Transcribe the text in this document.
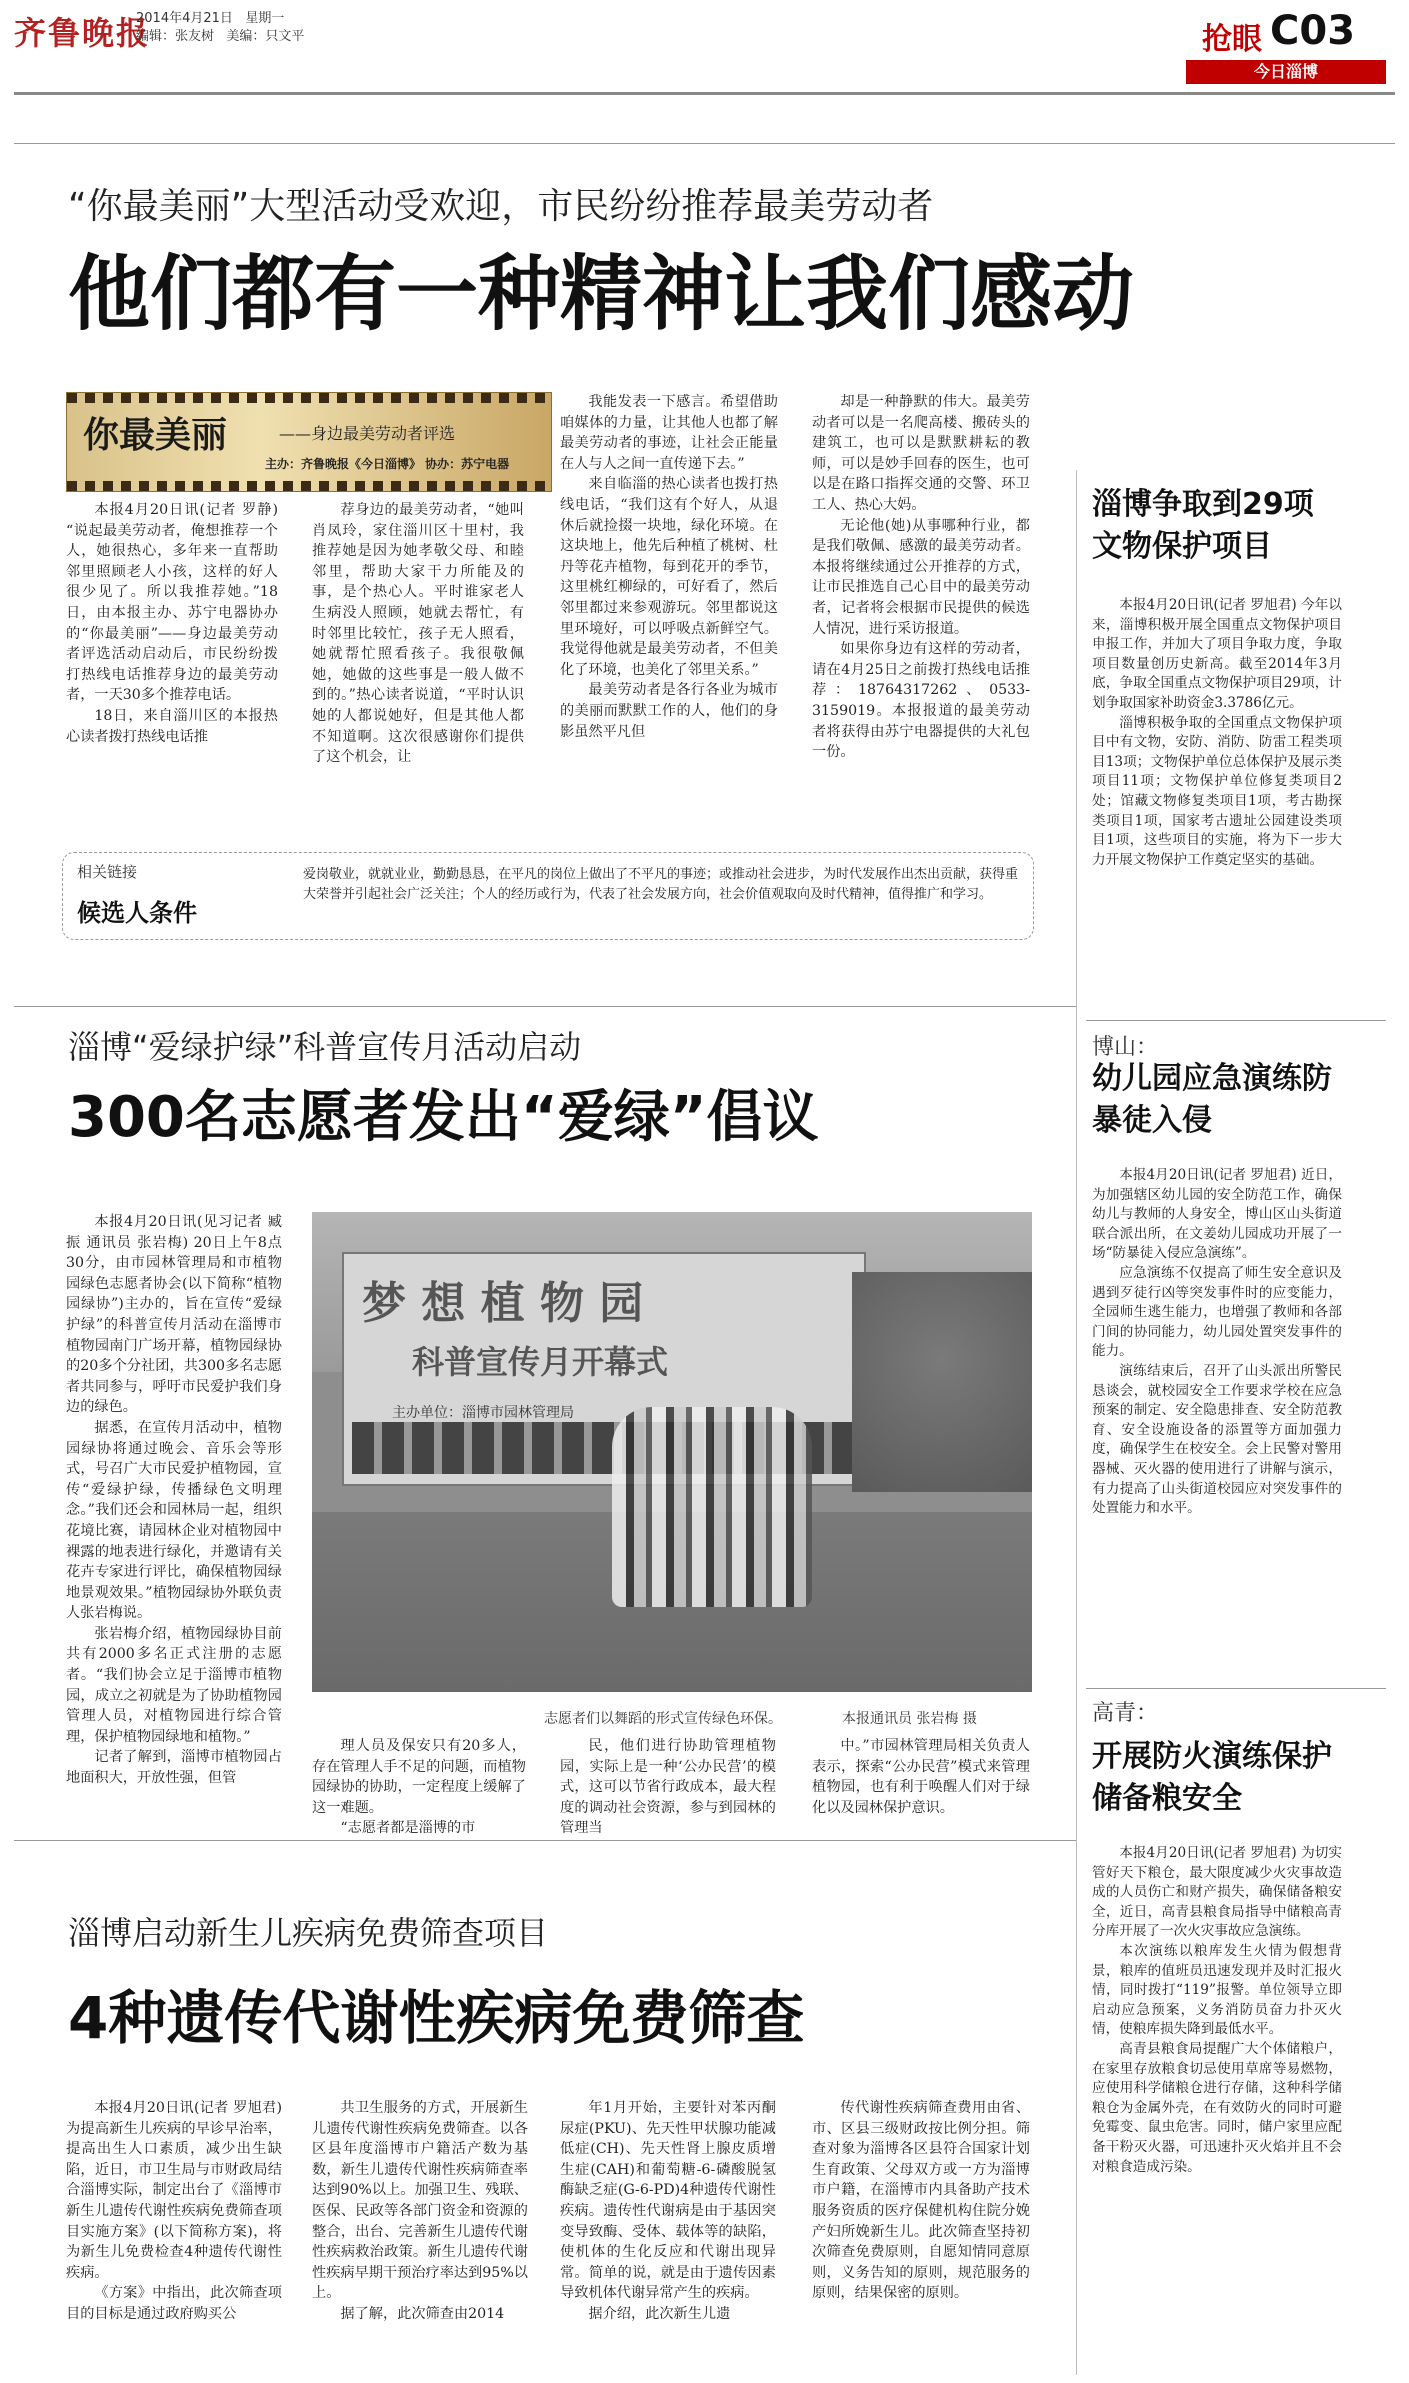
齐鲁晚报
2014年4月21日 星期一
编辑：张友树 美编：只文平	抢眼 C03
今日淄博
“你最美丽”大型活动受欢迎，市民纷纷推荐最美劳动者
他们都有一种精神让我们感动
你最美丽	——身边最美劳动者评选
主办：齐鲁晚报《今日淄博》 协办：苏宁电器

本报4月20日讯(记者 罗静) “说起最美劳动者，俺想推荐一个人，她很热心，多年来一直帮助邻里照顾老人小孩，这样的好人很少见了。所以我推荐她。”18日，由本报主办、苏宁电器协办的“你最美丽”——身边最美劳动者评选活动启动后，市民纷纷拨打热线电话推荐身边的最美劳动者，一天30多个推荐电话。

18日，来自淄川区的本报热心读者拨打热线电话推

荐身边的最美劳动者，“她叫肖凤玲，家住淄川区十里村，我推荐她是因为她孝敬父母、和睦邻里，帮助大家干力所能及的事，是个热心人。平时谁家老人生病没人照顾，她就去帮忙，有时邻里比较忙，孩子无人照看，她就帮忙照看孩子。我很敬佩她，她做的这些事是一般人做不到的。”热心读者说道，“平时认识她的人都说她好，但是其他人都不知道啊。这次很感谢你们提供了这个机会，让

我能发表一下感言。希望借助咱媒体的力量，让其他人也都了解最美劳动者的事迹，让社会正能量在人与人之间一直传递下去。”

来自临淄的热心读者也拨打热线电话，“我们这有个好人，从退休后就捡掇一块地，绿化环境。在这块地上，他先后种植了桃树、杜丹等花卉植物，每到花开的季节，这里桃红柳绿的，可好看了，然后邻里都过来参观游玩。邻里都说这里环境好，可以呼吸点新鲜空气。我觉得他就是最美劳动者，不但美化了环境，也美化了邻里关系。”

最美劳动者是各行各业为城市的美丽而默默工作的人，他们的身影虽然平凡但

却是一种静默的伟大。最美劳动者可以是一名爬高楼、搬砖头的建筑工，也可以是默默耕耘的教师，可以是妙手回春的医生，也可以是在路口指挥交通的交警、环卫工人、热心大妈。

无论他(她)从事哪种行业，都是我们敬佩、感激的最美劳动者。本报将继续通过公开推荐的方式，让市民推选自己心目中的最美劳动者，记者将会根据市民提供的候选人情况，进行采访报道。

如果你身边有这样的劳动者，请在4月25日之前拨打热线电话推荐：18764317262、0533-3159019。本报报道的最美劳动者将获得由苏宁电器提供的大礼包一份。

相关链接
候选人条件
爱岗敬业，就就业业，勤勤恳恳，在平凡的岗位上做出了不平凡的事迹；或推动社会进步，为时代发展作出杰出贡献，获得重大荣誉并引起社会广泛关注；个人的经历或行为，代表了社会发展方向，社会价值观取向及时代精神，值得推广和学习。
淄博“爱绿护绿”科普宣传月活动启动
300名志愿者发出“爱绿”倡议

本报4月20日讯(见习记者 臧振 通讯员 张岩梅) 20日上午8点30分，由市园林管理局和市植物园绿色志愿者协会(以下简称“植物园绿协”)主办的，旨在宣传“爱绿护绿”的科普宣传月活动在淄博市植物园南门广场开幕，植物园绿协的20多个分社团，共300多名志愿者共同参与，呼吁市民爱护我们身边的绿色。

据悉，在宣传月活动中，植物园绿协将通过晚会、音乐会等形式，号召广大市民爱护植物园，宣传“爱绿护绿，传播绿色文明理念。”我们还会和园林局一起，组织花境比赛，请园林企业对植物园中裸露的地表进行绿化，并邀请有关花卉专家进行评比，确保植物园绿地景观效果。”植物园绿协外联负责人张岩梅说。

张岩梅介绍，植物园绿协目前共有2000多名正式注册的志愿者。“我们协会立足于淄博市植物园，成立之初就是为了协助植物园管理人员，对植物园进行综合管理，保护植物园绿地和植物。”

记者了解到，淄博市植物园占地面积大，开放性强，但管

梦 想 植 物 园
科普宣传月开幕式
主办单位：淄博市园林管理局
志愿者们以舞蹈的形式宣传绿色环保。	本报通讯员 张岩梅 摄

理人员及保安只有20多人，存在管理人手不足的问题，而植物园绿协的协助，一定程度上缓解了这一难题。

“志愿者都是淄博的市

民，他们进行协助管理植物园，实际上是一种‘公办民营’的模式，这可以节省行政成本，最大程度的调动社会资源，参与到园林的管理当

中。”市园林管理局相关负责人表示，探索“公办民营”模式来管理植物园，也有利于唤醒人们对于绿化以及园林保护意识。

淄博启动新生儿疾病免费筛查项目
4种遗传代谢性疾病免费筛查

本报4月20日讯(记者 罗旭君) 为提高新生儿疾病的早诊早治率，提高出生人口素质，减少出生缺陷，近日，市卫生局与市财政局结合淄博实际，制定出台了《淄博市新生儿遗传代谢性疾病免费筛查项目实施方案》(以下简称方案)，将为新生儿免费检查4种遗传代谢性疾病。

《方案》中指出，此次筛查项目的目标是通过政府购买公

共卫生服务的方式，开展新生儿遗传代谢性疾病免费筛查。以各区县年度淄博市户籍活产数为基数，新生儿遗传代谢性疾病筛查率达到90%以上。加强卫生、残联、医保、民政等各部门资金和资源的整合，出台、完善新生儿遗传代谢性疾病救治政策。新生儿遗传代谢性疾病早期干预治疗率达到95%以上。

据了解，此次筛查由2014

年1月开始，主要针对苯丙酮尿症(PKU)、先天性甲状腺功能减低症(CH)、先天性肾上腺皮质增生症(CAH)和葡萄糖-6-磷酸脱氢酶缺乏症(G-6-PD)4种遗传代谢性疾病。遗传性代谢病是由于基因突变导致酶、受体、载体等的缺陷，使机体的生化反应和代谢出现异常。简单的说，就是由于遗传因素导致机体代谢异常产生的疾病。

据介绍，此次新生儿遗

传代谢性疾病筛查费用由省、市、区县三级财政按比例分担。筛查对象为淄博各区县符合国家计划生育政策、父母双方或一方为淄博市户籍，在淄博市内具备助产技术服务资质的医疗保健机构住院分娩产妇所娩新生儿。此次筛查坚持初次筛查免费原则，自愿知情同意原则，义务告知的原则，规范服务的原则，结果保密的原则。

淄博争取到29项文物保护项目

本报4月20日讯(记者 罗旭君) 今年以来，淄博积极开展全国重点文物保护项目申报工作，并加大了项目争取力度，争取项目数量创历史新高。截至2014年3月底，争取全国重点文物保护项目29项，计划争取国家补助资金3.3786亿元。

淄博积极争取的全国重点文物保护项目中有文物，安防、消防、防雷工程类项目13项；文物保护单位总体保护及展示类项目11项；文物保护单位修复类项目2处；馆藏文物修复类项目1项，考古勘探类项目1项，国家考古遗址公园建设类项目1项，这些项目的实施，将为下一步大力开展文物保护工作奠定坚实的基础。

博山：
幼儿园应急演练防暴徒入侵

本报4月20日讯(记者 罗旭君) 近日，为加强辖区幼儿园的安全防范工作，确保幼儿与教师的人身安全，博山区山头街道联合派出所，在文姜幼儿园成功开展了一场“防暴徒入侵应急演练”。

应急演练不仅提高了师生安全意识及遇到歹徒行凶等突发事件时的应变能力，全园师生逃生能力，也增强了教师和各部门间的协同能力，幼儿园处置突发事件的能力。

演练结束后，召开了山头派出所警民恳谈会，就校园安全工作要求学校在应急预案的制定、安全隐患排查、安全防范教育、安全设施设备的添置等方面加强力度，确保学生在校安全。会上民警对警用器械、灭火器的使用进行了讲解与演示，有力提高了山头街道校园应对突发事件的处置能力和水平。

高青：
开展防火演练保护储备粮安全

本报4月20日讯(记者 罗旭君) 为切实管好天下粮仓，最大限度减少火灾事故造成的人员伤亡和财产损失，确保储备粮安全，近日，高青县粮食局指导中储粮高青分库开展了一次火灾事故应急演练。

本次演练以粮库发生火情为假想背景，粮库的值班员迅速发现并及时汇报火情，同时拨打“119”报警。单位领导立即启动应急预案，义务消防员奋力扑灭火情，使粮库损失降到最低水平。

高青县粮食局提醒广大个体储粮户，在家里存放粮食切忌使用草席等易燃物，应使用科学储粮仓进行存储，这种科学储粮仓为金属外壳，在有效防火的同时可避免霉变、鼠虫危害。同时，储户家里应配备干粉灭火器，可迅速扑灭火焰并且不会对粮食造成污染。
